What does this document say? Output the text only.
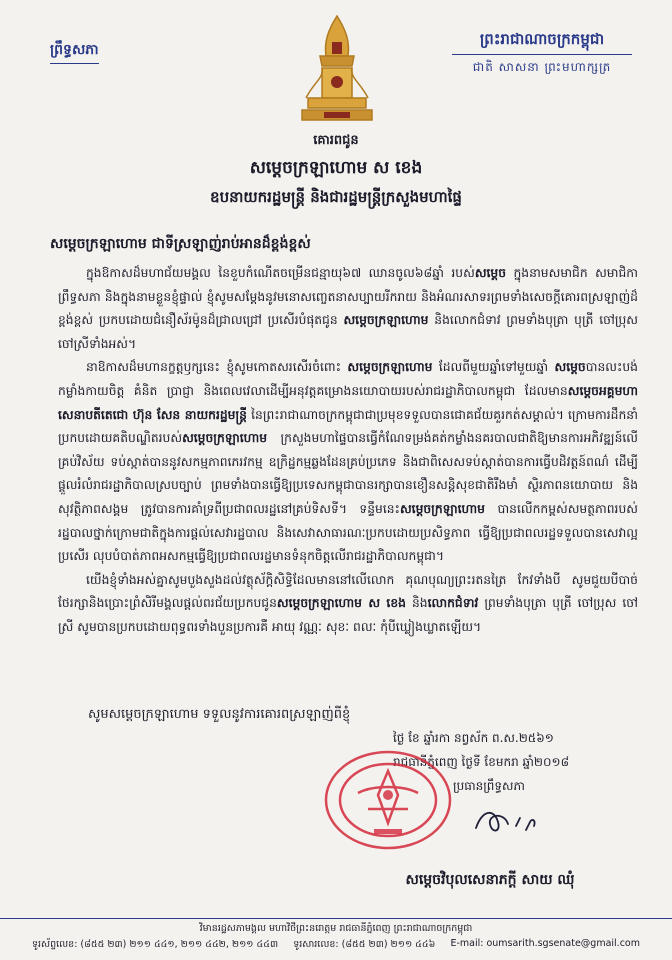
ព្រឹទ្ធសភា
ព្រះរាជាណាចក្រកម្ពុជា
ជាតិ សាសនា ព្រះមហាក្សត្រ
គោរពជូន
សម្តេចក្រឡាហោម ស ខេង
ឧបនាយករដ្ឋមន្ត្រី និងជារដ្ឋមន្ត្រីក្រសួងមហាផ្ទៃ
សម្តេចក្រឡាហោម ជាទីស្រឡាញ់រាប់អានដ៏ខ្ពង់ខ្ពស់

ក្នុងឱកាសដ៏មហាជ័យមង្គល នៃខួបកំណើតចម្រើនជន្មាយុ៦៧ ឈានចូល៦៨ឆ្នាំ របស់សម្តេច ក្នុងនាមសមាជិក សមាជិកាព្រឹទ្ធសភា និងក្នុងនាមខ្លួនខ្ញុំផ្ទាល់ ខ្ញុំសូមសម្តែងនូវមនោសញ្ចេតនាសប្បាយរីករាយ និងអំណរសាទរព្រមទាំងសេចក្តីគោរពស្រឡាញ់ដ៏ខ្ពង់ខ្ពស់ ប្រកបដោយជំនឿស័រម៉ូនដ៏ជ្រាលជ្រៅ ប្រសើរបំផុតជូន សម្តេចក្រឡាហោម និងលោកជំទាវ ព្រមទាំងបុត្រា បុត្រី ចៅប្រុស ចៅស្រីទាំងអស់។

នាឱកាសដ៏មហានក្ខត្តឫក្សនេះ ខ្ញុំសូមកោតសរសើរចំពោះ សម្តេចក្រឡាហោម ដែលពីមួយឆ្នាំទៅមួយឆ្នាំ សម្តេចបានលះបង់កម្លាំងកាយចិត្ត គំនិត ប្រាជ្ញា និងពេលវេលាដើម្បីអនុវត្តគម្រោងនយោបាយរបស់រាជរដ្ឋាភិបាលកម្ពុជា ដែលមានសម្តេចអគ្គមហាសេនាបតីតេជោ ហ៊ុន សែន នាយករដ្ឋមន្ត្រី នៃព្រះរាជាណាចក្រកម្ពុជាជាប្រមុខទទួលបានជោគជ័យគួរកត់សម្គាល់។ ក្រោមការដឹកនាំប្រកបដោយគតិបណ្ឌិតរបស់សម្តេចក្រឡាហោម ក្រសួងមហាផ្ទៃបានធ្វើកំណែទម្រង់គត់កម្លាំងនគរបាលជាតិឱ្យមានការអភិវឌ្ឍន៍លើគ្រប់វិស័យ ទប់ស្កាត់បាននូវសកម្មភាពភេរវកម្ម ឧក្រិដ្ឋកម្មឆ្លងដែនគ្រប់ប្រភេទ និងជាពិសេសទប់ស្កាត់បានការធ្វើបដិវត្តន៍ពណ៌ ដើម្បីផ្តួលរំលំរាជរដ្ឋាភិបាលស្របច្បាប់ ព្រមទាំងបានធ្វើឱ្យប្រទេសកម្ពុជាបានរក្សាបានខឿនសន្តិសុខជាតិរឹងមាំ ស្ថិរភាពនយោបាយ និងសុវត្ថិភាពសង្គម ត្រូវបានការគាំទ្រពីប្រជាពលរដ្ឋនៅគ្រប់ទិសទី។ ទន្ទឹមនេះសម្តេចក្រឡាហោម បានលើកកម្ពស់សមត្ថភាពរបស់រដ្ឋបាលថ្នាក់ក្រោមជាតិក្នុងការផ្តល់សេវារដ្ឋបាល និងសេវាសាធារណៈប្រកបដោយប្រសិទ្ធភាព ធ្វើឱ្យប្រជាពលរដ្ឋទទួលបានសេវាល្អប្រសើរ លុបបំបាត់ភាពអសកម្មធ្វើឱ្យប្រជាពលរដ្ឋមានទំនុកចិត្តលើរាជរដ្ឋាភិបាលកម្ពុជា។

យើងខ្ញុំទាំងអស់គ្នាសូមបួងសួងដល់វត្ថុស័ក្តិសិទ្ធិដែលមាននៅលើលោក គុណបុណ្យព្រះរតនត្រៃ កែវទាំងបី សូមជួយបីបាច់ថែរក្សានិងប្រោះព្រំសិរីមង្គលផ្តល់ពរជ័យប្រកបជូនសម្តេចក្រឡាហោម ស ខេង និងលោកជំទាវ ព្រមទាំងបុត្រា បុត្រី ចៅប្រុស ចៅស្រី សូមបានប្រកបដោយពុទ្ធពរទាំងបួនប្រការគឺ អាយុ វណ្ណៈ សុខៈ ពលៈ កុំបីឃ្លៀងឃ្លាតឡើយ។

សូមសម្តេចក្រឡាហោម ទទួលនូវការគោរពស្រឡាញ់ពីខ្ញុំ
ថ្ងៃ ខែ ឆ្នាំរកា នព្វស័ក ព.ស.២៥៦១
រាជធានីភ្នំពេញ ថ្ងៃទី ខែមករា ឆ្នាំ២០១៨
ប្រធានព្រឹទ្ធសភា
សម្តេចវិបុលសេនាភក្តី សាយ ឈុំ
វិមានរដ្ឋសភាមង្គល មហាវិថីព្រះនរោត្តម រាជធានីភ្នំពេញ ព្រះរាជាណាចក្រកម្ពុជា
ទូរស័ព្ទលេខ: (៨៥៥ ២៣) ២១១ ៤៤១, ២១១ ៤៤២, ២១១ ៤៤៣ ទូរសារលេខ: (៨៥៥ ២៣) ២១១ ៤៤៦ E-mail: oumsarith.sgsenate@gmail.com
